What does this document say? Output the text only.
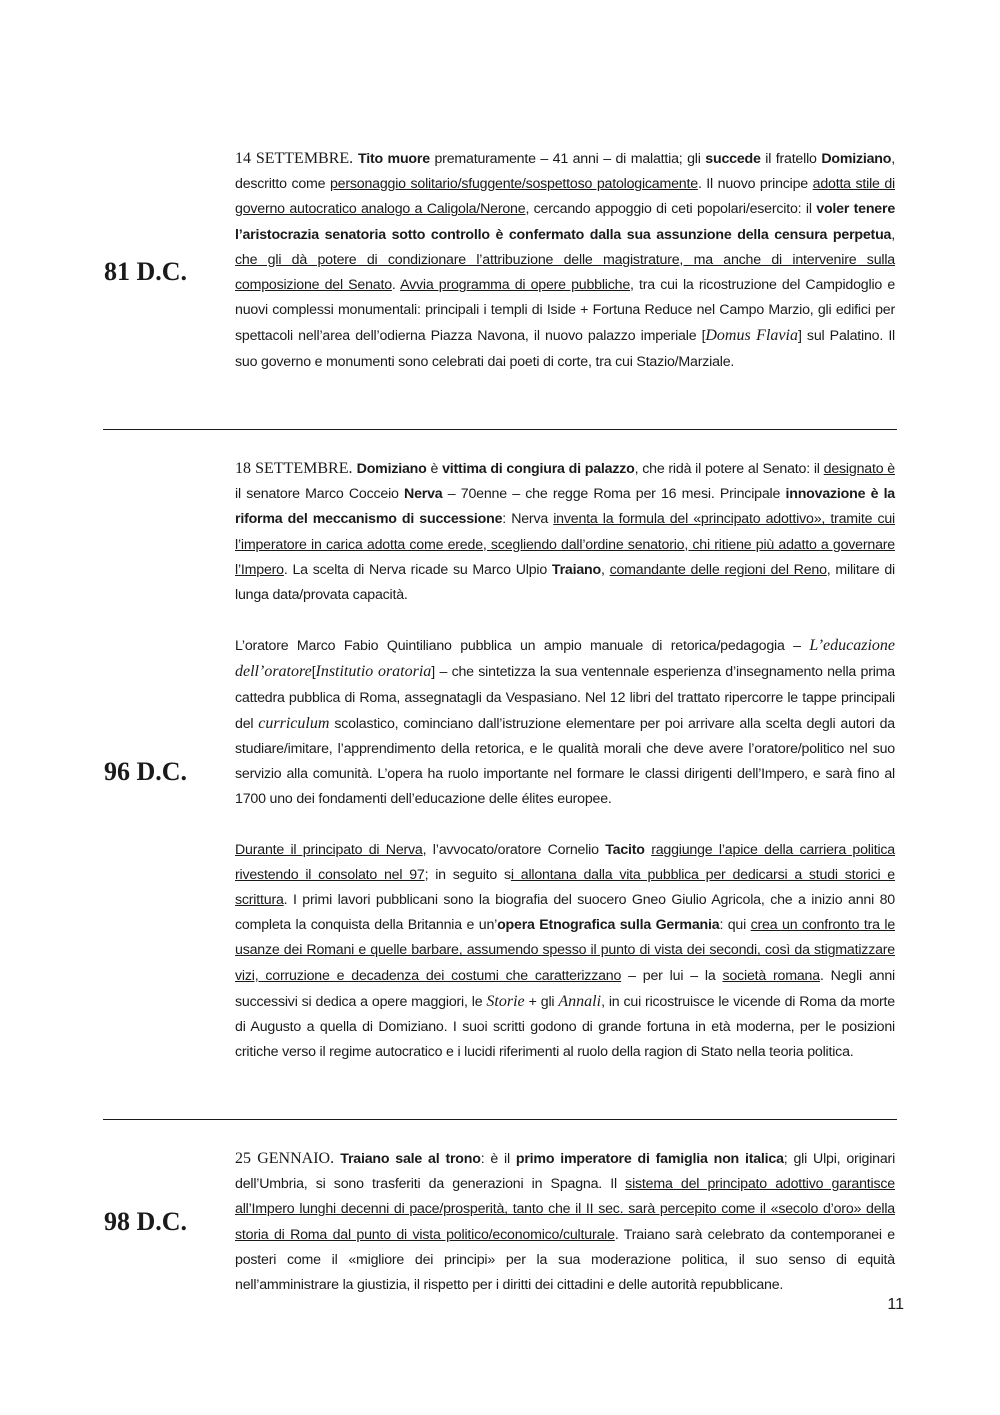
81 D.C.

14 SETTEMBRE. Tito muore prematuramente – 41 anni – di malattia; gli succede il fratello Domiziano, descritto come personaggio solitario/sfuggente/sospettoso patologicamente. Il nuovo principe adotta stile di governo autocratico analogo a Caligola/Nerone, cercando appoggio di ceti popolari/esercito: il voler tenere l’aristocrazia senatoria sotto controllo è confermato dalla sua assunzione della censura perpetua, che gli dà potere di condizionare l’attribuzione delle magistrature, ma anche di intervenire sulla composizione del Senato. Avvia programma di opere pubbliche, tra cui la ricostruzione del Campidoglio e nuovi complessi monumentali: principali i templi di Iside + Fortuna Reduce nel Campo Marzio, gli edifici per spettacoli nell’area dell’odierna Piazza Navona, il nuovo palazzo imperiale [Domus Flavia] sul Palatino. Il suo governo e monumenti sono celebrati dai poeti di corte, tra cui Stazio/Marziale.

96 D.C.

18 SETTEMBRE. Domiziano è vittima di congiura di palazzo, che ridà il potere al Senato: il designato è il senatore Marco Cocceio Nerva – 70enne – che regge Roma per 16 mesi. Principale innovazione è la riforma del meccanismo di successione: Nerva inventa la formula del «principato adottivo», tramite cui l’imperatore in carica adotta come erede, scegliendo dall’ordine senatorio, chi ritiene più adatto a governare l’Impero. La scelta di Nerva ricade su Marco Ulpio Traiano, comandante delle regioni del Reno, militare di lunga data/provata capacità.

L’oratore Marco Fabio Quintiliano pubblica un ampio manuale di retorica/pedagogia – L’educazione dell’oratore[Institutio oratoria] – che sintetizza la sua ventennale esperienza d’insegnamento nella prima cattedra pubblica di Roma, assegnatagli da Vespasiano. Nel 12 libri del trattato ripercorre le tappe principali del curriculum scolastico, cominciano dall’istruzione elementare per poi arrivare alla scelta degli autori da studiare/imitare, l’apprendimento della retorica, e le qualità morali che deve avere l’oratore/politico nel suo servizio alla comunità. L’opera ha ruolo importante nel formare le classi dirigenti dell’Impero, e sarà fino al 1700 uno dei fondamenti dell’educazione delle élites europee.

Durante il principato di Nerva, l’avvocato/oratore Cornelio Tacito raggiunge l’apice della carriera politica rivestendo il consolato nel 97; in seguito si allontana dalla vita pubblica per dedicarsi a studi storici e scrittura. I primi lavori pubblicani sono la biografia del suocero Gneo Giulio Agricola, che a inizio anni 80 completa la conquista della Britannia e un’opera Etnografica sulla Germania: qui crea un confronto tra le usanze dei Romani e quelle barbare, assumendo spesso il punto di vista dei secondi, così da stigmatizzare vizi, corruzione e decadenza dei costumi che caratterizzano – per lui – la società romana. Negli anni successivi si dedica a opere maggiori, le Storie + gli Annali, in cui ricostruisce le vicende di Roma da morte di Augusto a quella di Domiziano. I suoi scritti godono di grande fortuna in età moderna, per le posizioni critiche verso il regime autocratico e i lucidi riferimenti al ruolo della ragion di Stato nella teoria politica.

98 D.C.

25 GENNAIO. Traiano sale al trono: è il primo imperatore di famiglia non italica; gli Ulpi, originari dell’Umbria, si sono trasferiti da generazioni in Spagna. Il sistema del principato adottivo garantisce all’Impero lunghi decenni di pace/prosperità, tanto che il II sec. sarà percepito come il «secolo d’oro» della storia di Roma dal punto di vista politico/economico/culturale. Traiano sarà celebrato da contemporanei e posteri come il «migliore dei principi» per la sua moderazione politica, il suo senso di equità nell’amministrare la giustizia, il rispetto per i diritti dei cittadini e delle autorità repubblicane.

11
